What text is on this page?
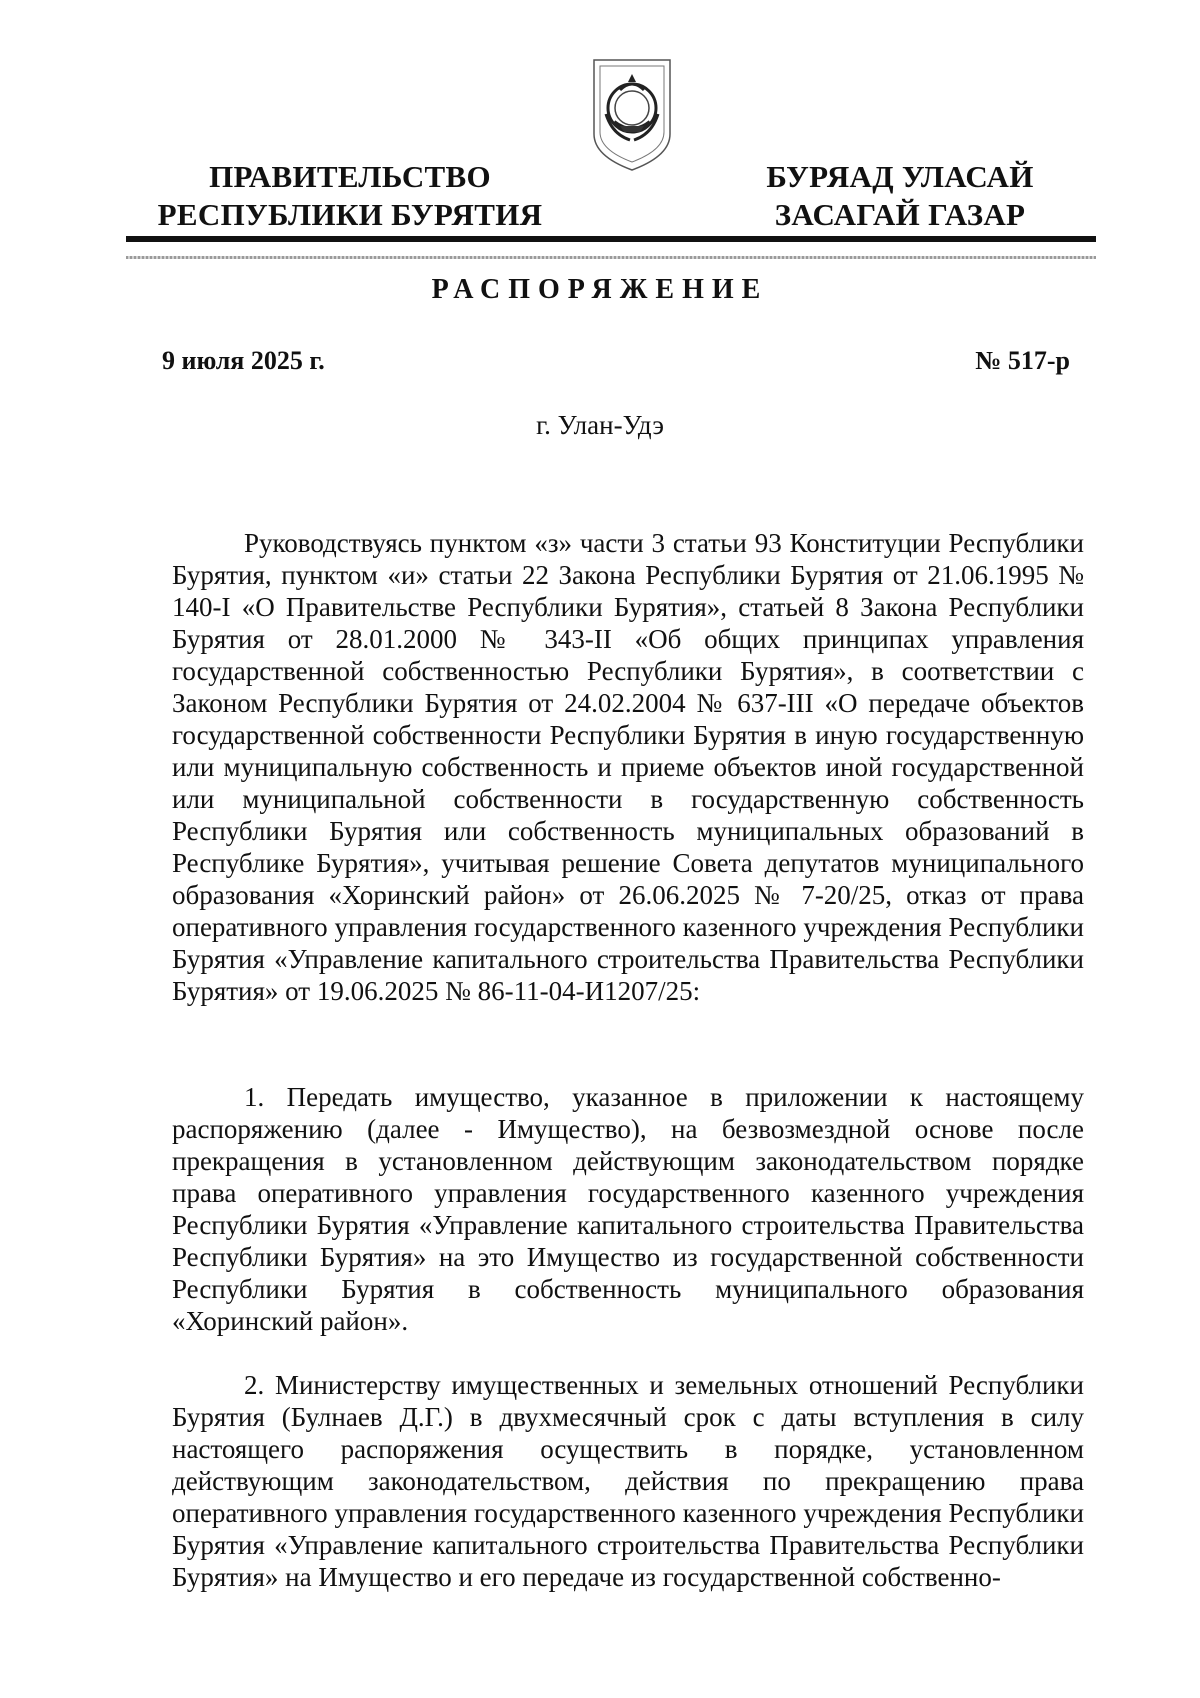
ПРАВИТЕЛЬСТВО
РЕСПУБЛИКИ БУРЯТИЯ
БУРЯАД УЛАСАЙ
ЗАСАГАЙ ГАЗАР
РАСПОРЯЖЕНИЕ
9 июля 2025 г.	№ 517-р
г. Улан-Удэ

Руководствуясь пунктом «з» части 3 статьи 93 Конституции Республики Бурятия, пунктом «и» статьи 22 Закона Республики Бурятия от 21.06.1995 № 140-I «О Правительстве Республики Бурятия», статьей 8 Закона Республики Бурятия от 28.01.2000 № 343-II «Об общих принципах управления государственной собственностью Республики Бурятия», в соответствии с Законом Республики Бурятия от 24.02.2004 № 637-III «О передаче объектов государственной собственности Республики Бурятия в иную государственную или муниципальную собственность и приеме объектов иной государственной или муниципальной собственности в государственную собственность Республики Бурятия или собственность муниципальных образований в Республике Бурятия», учитывая решение Совета депутатов муниципального образования «Хоринский район» от 26.06.2025 № 7-20/25, отказ от права оперативного управления государственного казенного учреждения Республики Бурятия «Управление капитального строительства Правительства Республики Бурятия» от 19.06.2025 № 86-11-04-И1207/25:

1. Передать имущество, указанное в приложении к настоящему распоряжению (далее - Имущество), на безвозмездной основе после прекращения в установленном действующим законодательством порядке права оперативного управления государственного казенного учреждения Республики Бурятия «Управление капитального строительства Правительства Республики Бурятия» на это Имущество из государственной собственности Республики Бурятия в собственность муниципального образования «Хоринский район».

2. Министерству имущественных и земельных отношений Республики Бурятия (Булнаев Д.Г.) в двухмесячный срок с даты вступления в силу настоящего распоряжения осуществить в порядке, установленном действующим законодательством, действия по прекращению права оперативного управления государственного казенного учреждения Республики Бурятия «Управление капитального строительства Правительства Республики Бурятия» на Имущество и его передаче из государственной собственно-
